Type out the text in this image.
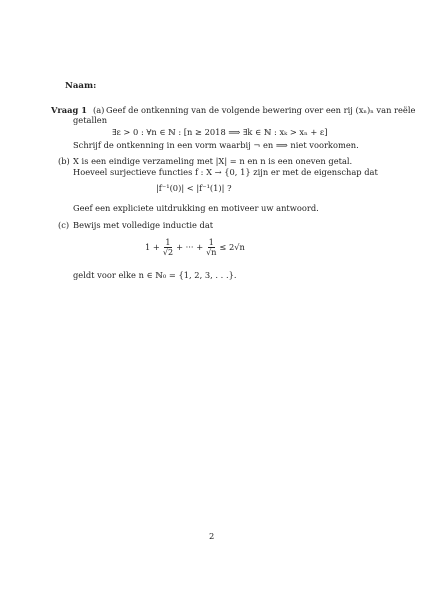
Naam:
Vraag 1 (a) Geef de ontkenning van de volgende bewering over een rij (xₙ)ₙ van reële
getallen
∃ε > 0 : ∀n ∈ ℕ : [n ≥ 2018 ⟹ ∃k ∈ ℕ : xₖ > xₙ + ε]
Schrijf de ontkenning in een vorm waarbij ¬ en ⟹ niet voorkomen.
(b) X is een eindige verzameling met |X| = n en n is een oneven getal.
Hoeveel surjectieve functies f : X → {0, 1} zijn er met de eigenschap dat
|f⁻¹(0)| < |f⁻¹(1)| ?
Geef een expliciete uitdrukking en motiveer uw antwoord.
(c) Bewijs met volledige inductie dat
$1 + \frac{1}{√2}$ + ··· + $\frac{1}{√n} \le 2√n$
geldt voor elke n ∈ ℕ₀ = {1, 2, 3, . . .}.
2
